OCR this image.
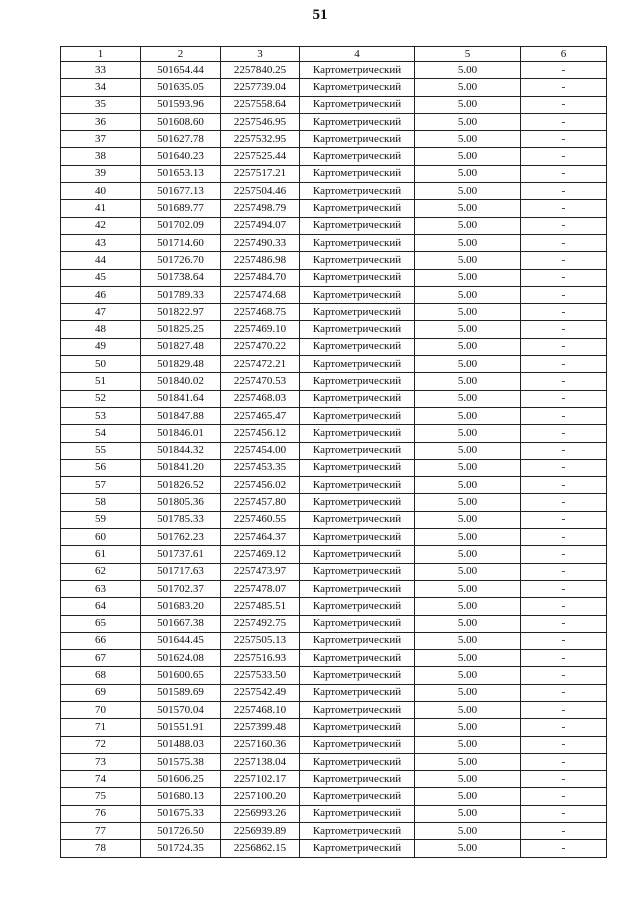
51
1	2	3	4	5	6
33	501654.44	2257840.25	Картометрический	5.00	-
34	501635.05	2257739.04	Картометрический	5.00	-
35	501593.96	2257558.64	Картометрический	5.00	-
36	501608.60	2257546.95	Картометрический	5.00	-
37	501627.78	2257532.95	Картометрический	5.00	-
38	501640.23	2257525.44	Картометрический	5.00	-
39	501653.13	2257517.21	Картометрический	5.00	-
40	501677.13	2257504.46	Картометрический	5.00	-
41	501689.77	2257498.79	Картометрический	5.00	-
42	501702.09	2257494.07	Картометрический	5.00	-
43	501714.60	2257490.33	Картометрический	5.00	-
44	501726.70	2257486.98	Картометрический	5.00	-
45	501738.64	2257484.70	Картометрический	5.00	-
46	501789.33	2257474.68	Картометрический	5.00	-
47	501822.97	2257468.75	Картометрический	5.00	-
48	501825.25	2257469.10	Картометрический	5.00	-
49	501827.48	2257470.22	Картометрический	5.00	-
50	501829.48	2257472.21	Картометрический	5.00	-
51	501840.02	2257470.53	Картометрический	5.00	-
52	501841.64	2257468.03	Картометрический	5.00	-
53	501847.88	2257465.47	Картометрический	5.00	-
54	501846.01	2257456.12	Картометрический	5.00	-
55	501844.32	2257454.00	Картометрический	5.00	-
56	501841.20	2257453.35	Картометрический	5.00	-
57	501826.52	2257456.02	Картометрический	5.00	-
58	501805.36	2257457.80	Картометрический	5.00	-
59	501785.33	2257460.55	Картометрический	5.00	-
60	501762.23	2257464.37	Картометрический	5.00	-
61	501737.61	2257469.12	Картометрический	5.00	-
62	501717.63	2257473.97	Картометрический	5.00	-
63	501702.37	2257478.07	Картометрический	5.00	-
64	501683.20	2257485.51	Картометрический	5.00	-
65	501667.38	2257492.75	Картометрический	5.00	-
66	501644.45	2257505.13	Картометрический	5.00	-
67	501624.08	2257516.93	Картометрический	5.00	-
68	501600.65	2257533.50	Картометрический	5.00	-
69	501589.69	2257542.49	Картометрический	5.00	-
70	501570.04	2257468.10	Картометрический	5.00	-
71	501551.91	2257399.48	Картометрический	5.00	-
72	501488.03	2257160.36	Картометрический	5.00	-
73	501575.38	2257138.04	Картометрический	5.00	-
74	501606.25	2257102.17	Картометрический	5.00	-
75	501680.13	2257100.20	Картометрический	5.00	-
76	501675.33	2256993.26	Картометрический	5.00	-
77	501726.50	2256939.89	Картометрический	5.00	-
78	501724.35	2256862.15	Картометрический	5.00	-
